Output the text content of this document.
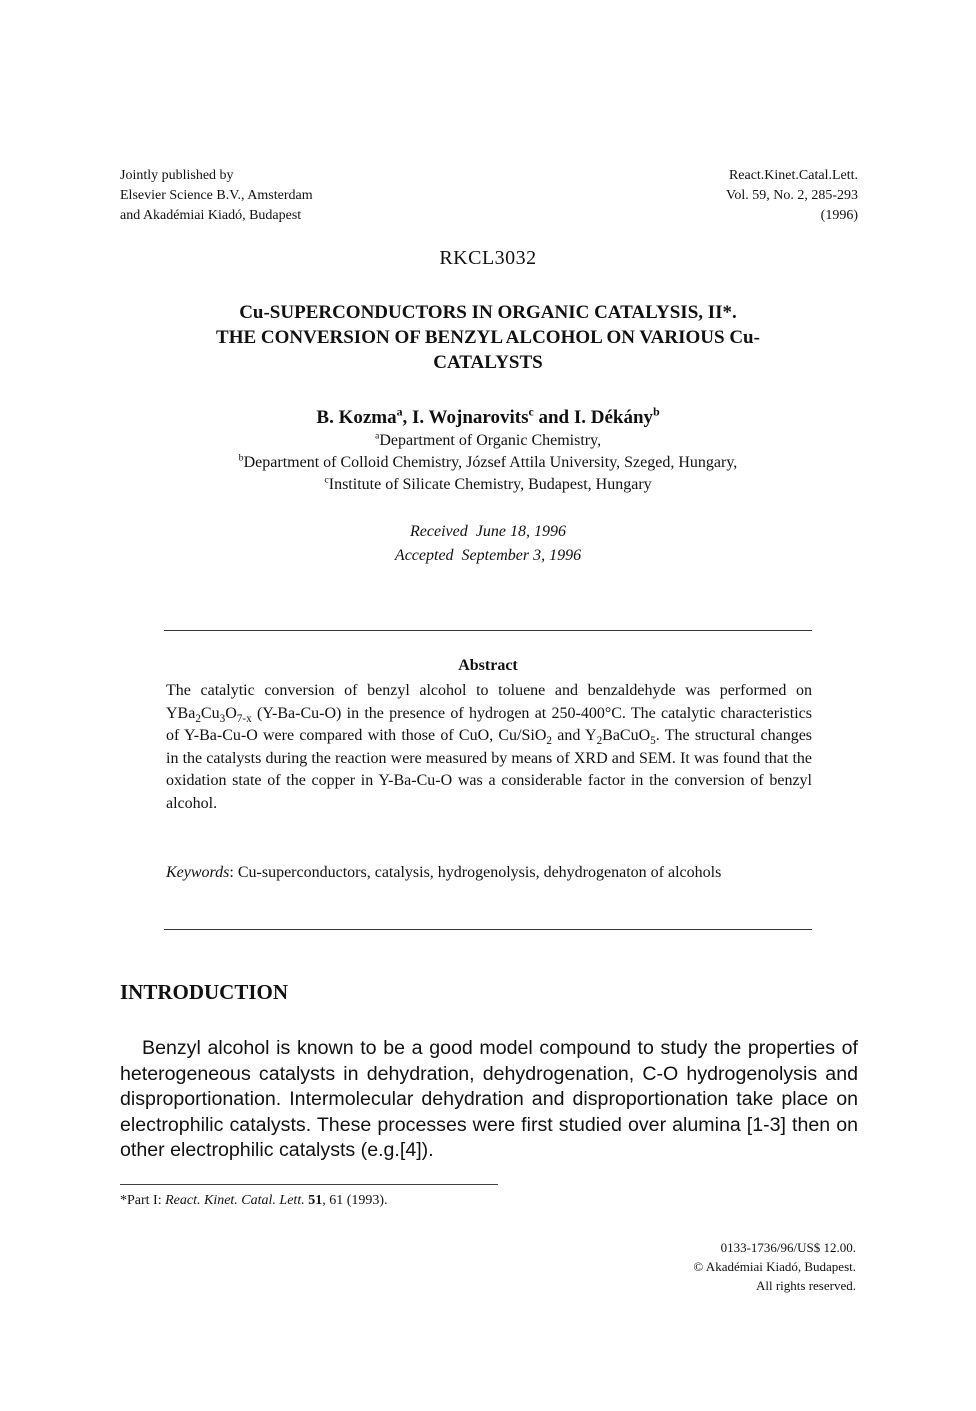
Jointly published by
Elsevier Science B.V., Amsterdam
and Akadémiai Kiadó, Budapest
React.Kinet.Catal.Lett.
Vol. 59, No. 2, 285-293
(1996)
RKCL3032
Cu-SUPERCONDUCTORS IN ORGANIC CATALYSIS, II*.
THE CONVERSION OF BENZYL ALCOHOL ON VARIOUS Cu-
CATALYSTS
B. Kozma$^a$, I. Wojnarovits$^c$ and I. Dékány$^b$
$^a$Department of Organic Chemistry,
$^b$Department of Colloid Chemistry, József Attila University, Szeged, Hungary,
$^c$Institute of Silicate Chemistry, Budapest, Hungary
Received  June 18, 1996
Accepted  September 3, 1996
Abstract
The catalytic conversion of benzyl alcohol to toluene and benzaldehyde was performed on $YBa_2Cu_3O_{7-x}$ (Y-Ba-Cu-O) in the presence of hydrogen at 250-400°C. The catalytic characteristics of Y-Ba-Cu-O were compared with those of CuO, Cu/SiO$_2$ and $Y_2BaCuO_5$. The structural changes in the catalysts during the reaction were measured by means of XRD and SEM. It was found that the oxidation state of the copper in Y-Ba-Cu-O was a considerable factor in the conversion of benzyl alcohol.
Keywords: Cu-superconductors, catalysis, hydrogenolysis, dehydrogenaton of alcohols
INTRODUCTION
Benzyl alcohol is known to be a good model compound to study the properties of heterogeneous catalysts in dehydration, dehydrogenation, C-O hydrogenolysis and disproportionation. Intermolecular dehydration and disproportionation take place on electrophilic catalysts. These processes were first studied over alumina [1-3] then on other electrophilic catalysts (e.g.[4]).
*Part I: React. Kinet. Catal. Lett. 51, 61 (1993).
0133-1736/96/US$ 12.00.
© Akadémiai Kiadó, Budapest.
All rights reserved.
